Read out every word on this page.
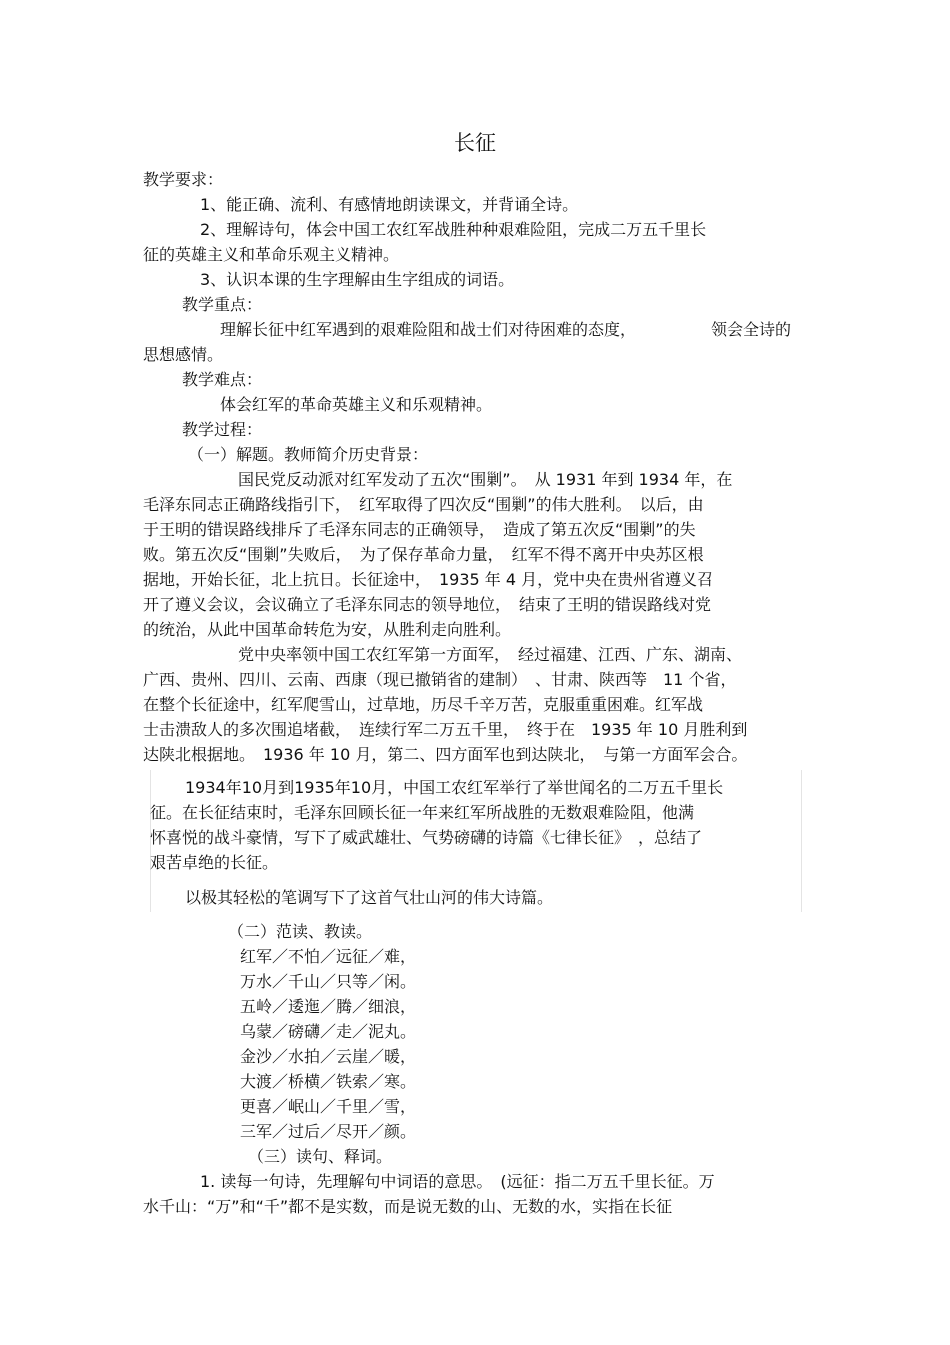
长征
教学要求：
1、能正确、流利、有感情地朗读课文，并背诵全诗。
2、理解诗句，体会中国工农红军战胜种种艰难险阻，完成二万五千里长
征的英雄主义和革命乐观主义精神。
3、认识本课的生字理解由生字组成的词语。
教学重点：
理解长征中红军遇到的艰难险阻和战士们对待困难的态度，	领会全诗的
思想感情。
教学难点：
体会红军的革命英雄主义和乐观精神。
教学过程：
（一）解题。教师简介历史背景：
国民党反动派对红军发动了五次“围剿”。　从 1931 年到 1934 年，在
毛泽东同志正确路线指引下，　红军取得了四次反“围剿”的伟大胜利。　以后，由
于王明的错误路线排斥了毛泽东同志的正确领导，　造成了第五次反“围剿”的失
败。第五次反“围剿”失败后，　为了保存革命力量，　红军不得不离开中央苏区根
据地，开始长征，北上抗日。长征途中，　1935 年 4 月，党中央在贵州省遵义召
开了遵义会议，会议确立了毛泽东同志的领导地位，　结束了王明的错误路线对党
的统治，从此中国革命转危为安，从胜利走向胜利。
党中央率领中国工农红军第一方面军，　经过福建、江西、广东、湖南、
广西、贵州、四川、云南、西康（现已撤销省的建制）　、甘肃、陕西等　11 个省，
在整个长征途中，红军爬雪山，过草地，历尽千辛万苦，克服重重困难。红军战
士击溃敌人的多次围追堵截，　连续行军二万五千里，　终于在　1935 年 10 月胜利到
达陕北根据地。　1936 年 10 月，第二、四方面军也到达陕北，　与第一方面军会合。
1934年10月到1935年10月，中国工农红军举行了举世闻名的二万五千里长
征。在长征结束时，毛泽东回顾长征一年来红军所战胜的无数艰难险阻，他满
怀喜悦的战斗豪情，写下了威武雄壮、气势磅礴的诗篇《七律长征》　，总结了
艰苦卓绝的长征。
以极其轻松的笔调写下了这首气壮山河的伟大诗篇。
（二）范读、教读。
红军／不怕／远征／难，
万水／千山／只等／闲。
五岭／逶迤／腾／细浪，
乌蒙／磅礴／走／泥丸。
金沙／水拍／云崖／暖，
大渡／桥横／铁索／寒。
更喜／岷山／千里／雪，
三军／过后／尽开／颜。
（三）读句、释词。
1. 读每一句诗，先理解句中词语的意思。　(远征：指二万五千里长征。万
水千山：“万”和“千”都不是实数，而是说无数的山、无数的水，实指在长征
